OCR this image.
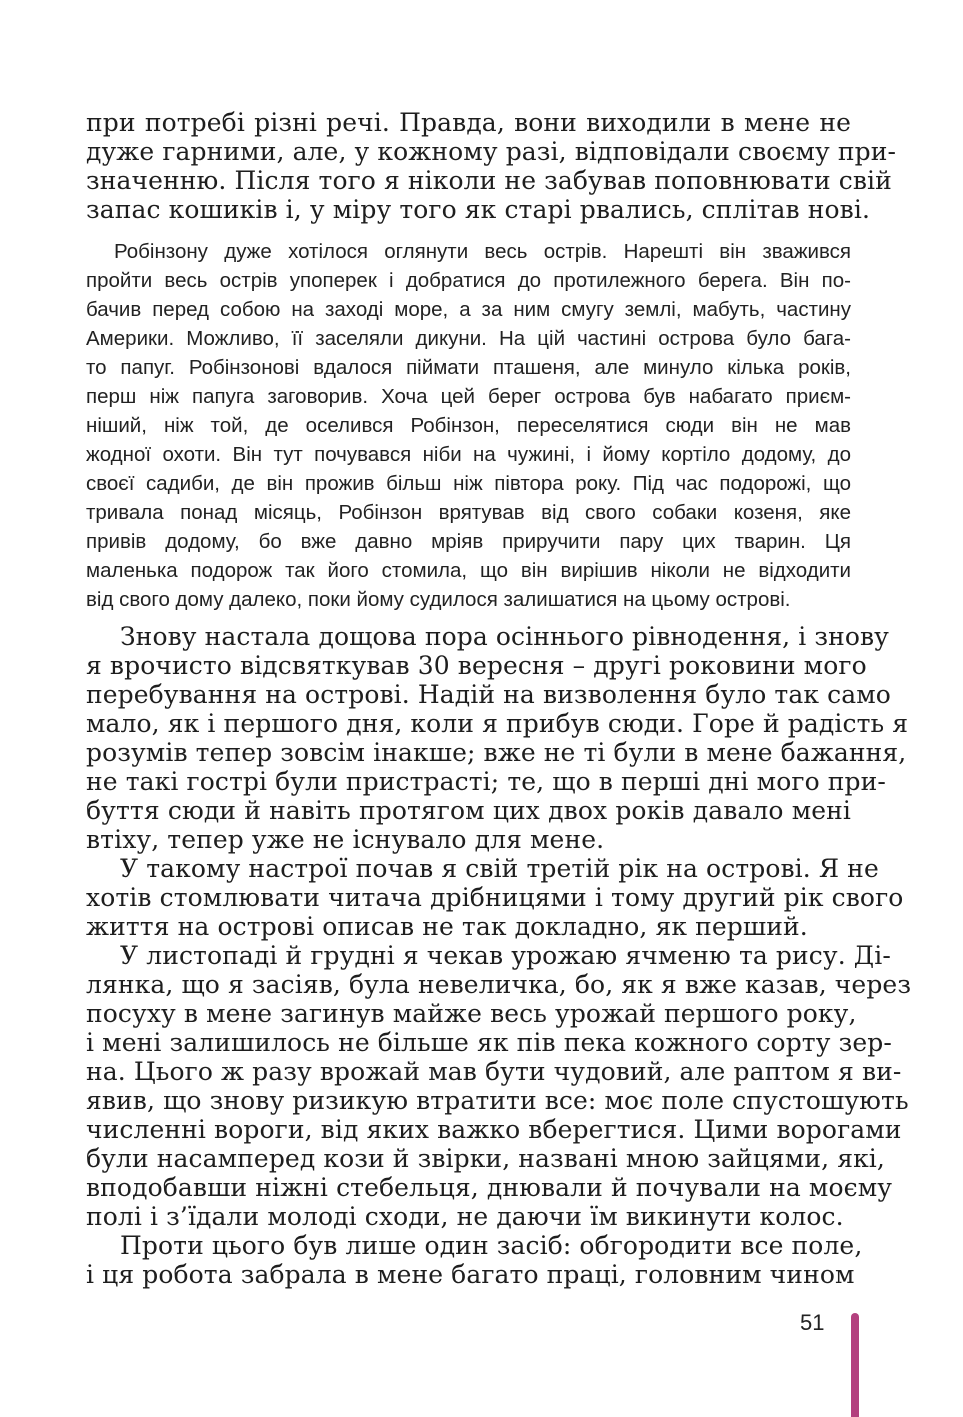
при потребі різні речі. Правда, вони виходили в мене не
дуже гарними, але, у кожному разі, відповідали своєму при-
значенню. Після того я ніколи не забував поповнювати свій
запас кошиків і, у міру того як старі рвались, сплітав нові.
Робінзону дуже хотілося оглянути весь острів. Нарешті він зважився
пройти весь острів упоперек і добратися до протилежного берега. Він по-
бачив перед собою на заході море, а за ним смугу землі, мабуть, частину
Америки. Можливо, її заселяли дикуни. На цій частині острова було бага-
то папуг. Робінзонові вдалося піймати пташеня, але минуло кілька років,
перш ніж папуга заговорив. Хоча цей берег острова був набагато приєм-
ніший, ніж той, де оселився Робінзон, переселятися сюди він не мав
жодної охоти. Він тут почувався ніби на чужині, і йому кортіло додому, до
своєї садиби, де він прожив більш ніж півтора року. Під час подорожі, що
тривала понад місяць, Робінзон врятував від свого собаки козеня, яке
привів додому, бо вже давно мріяв приручити пару цих тварин. Ця
маленька подорож так його стомила, що він вирішив ніколи не відходити
від свого дому далеко, поки йому судилося залишатися на цьому острові.
Знову настала дощова пора осіннього рівнодення, і знову
я врочисто відсвяткував 30 вересня – другі роковини мого
перебування на острові. Надій на визволення було так само
мало, як і першого дня, коли я прибув сюди. Горе й радість я
розумів тепер зовсім інакше; вже не ті були в мене бажання,
не такі гострі були пристрасті; те, що в перші дні мого при-
буття сюди й навіть протягом цих двох років давало мені
втіху, тепер уже не існувало для мене.
У такому настрої почав я свій третій рік на острові. Я не
хотів стомлювати читача дрібницями і тому другий рік свого
життя на острові описав не так докладно, як перший.
У листопаді й грудні я чекав урожаю ячменю та рису. Ді-
лянка, що я засіяв, була невеличка, бо, як я вже казав, через
посуху в мене загинув майже весь урожай першого року,
і мені залишилось не більше як пів пека кожного сорту зер-
на. Цього ж разу врожай мав бути чудовий, але раптом я ви-
явив, що знову ризикую втратити все: моє поле спустошують
численні вороги, від яких важко вберегтися. Цими ворогами
були насамперед кози й звірки, названі мною зайцями, які,
вподобавши ніжні стебельця, днювали й почували на моєму
полі і з’їдали молоді сходи, не даючи їм викинути колос.
Проти цього був лише один засіб: обгородити все поле,
і ця робота забрала в мене багато праці, головним чином
51
